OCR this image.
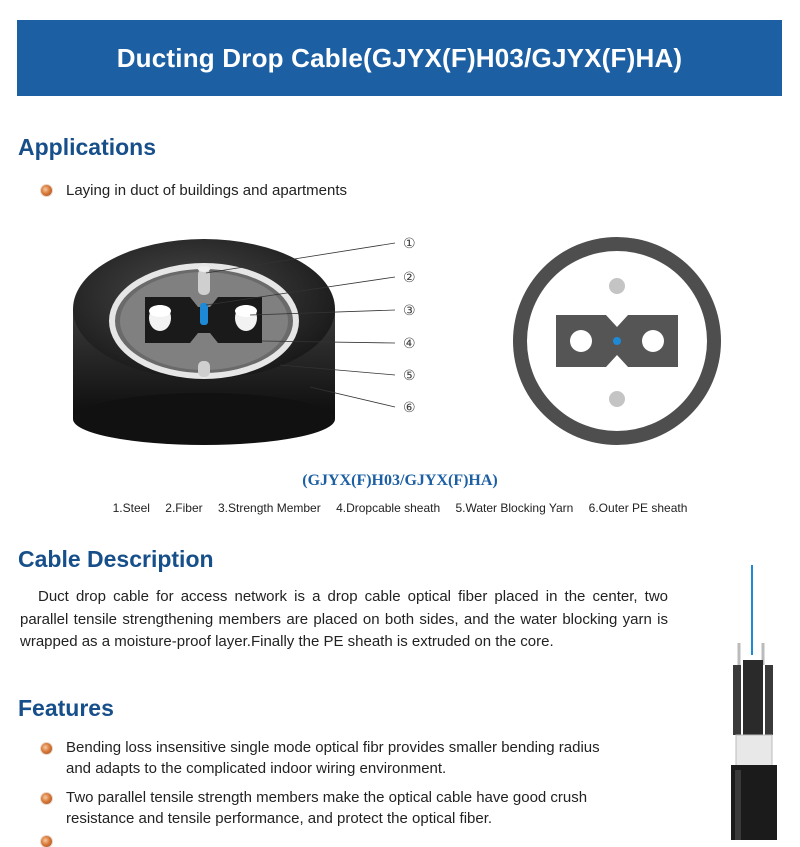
Ducting Drop Cable(GJYX(F)H03/GJYX(F)HA)
Applications
Laying in duct of buildings and apartments
①
②
③
④
⑤
⑥
(GJYX(F)H03/GJYX(F)HA)
1.Steel 2.Fiber 3.Strength Member 4.Dropcable sheath 5.Water Blocking Yarn 6.Outer PE sheath
Cable Description
Duct drop cable for access network is a drop cable optical fiber placed in the center, two parallel tensile strengthening members are placed on both sides, and the water blocking yarn is wrapped as a moisture-proof layer.Finally the PE sheath is extruded on the core.
Features
Bending loss insensitive single mode optical fibr provides smaller bending radius
and adapts to the complicated indoor wiring environment.
Two parallel tensile strength members make the optical cable have good crush
resistance and tensile performance, and protect the optical fiber.
